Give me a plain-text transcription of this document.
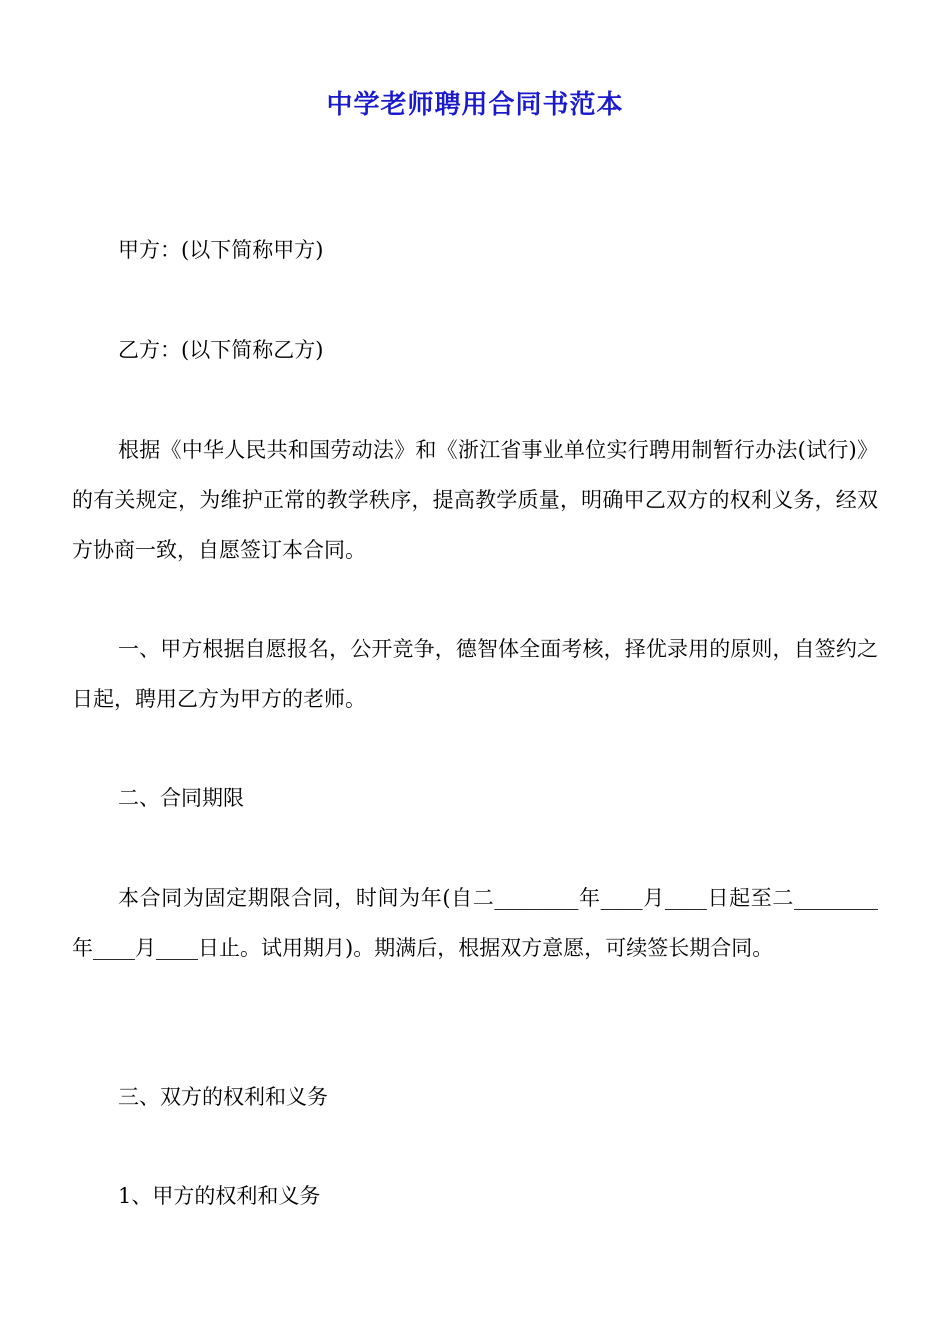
中学老师聘用合同书范本

甲方：(以下简称甲方)

乙方：(以下简称乙方)

根据《中华人民共和国劳动法》和《浙江省事业单位实行聘用制暂行办法(试行)》的有关规定，为维护正常的教学秩序，提高教学质量，明确甲乙双方的权利义务，经双方协商一致，自愿签订本合同。

一、甲方根据自愿报名，公开竞争，德智体全面考核，择优录用的原则，自签约之日起，聘用乙方为甲方的老师。

二、合同期限

本合同为固定期限合同，时间为年(自二________年____月____日起至二________年____月____日止。试用期月)。期满后，根据双方意愿，可续签长期合同。

三、双方的权利和义务

1、甲方的权利和义务
